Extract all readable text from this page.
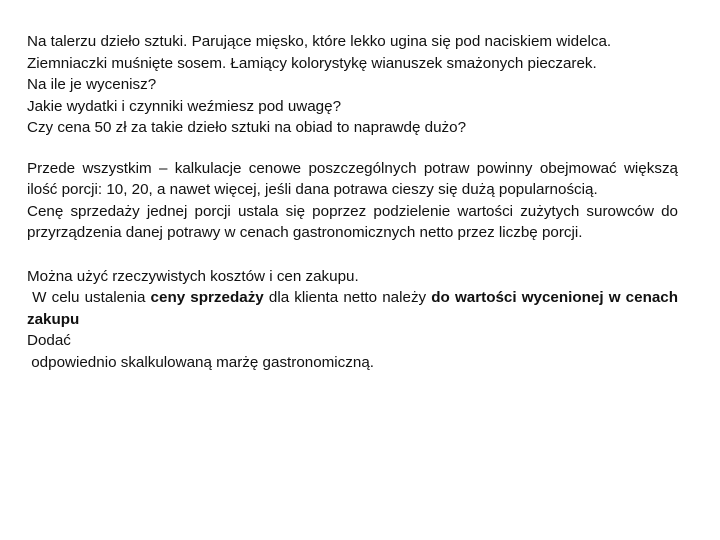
Na talerzu dzieło sztuki. Parujące mięsko, które lekko ugina się pod naciskiem widelca.

Ziemniaczki muśnięte sosem. Łamiący kolorystykę wianuszek smażonych pieczarek.

Na ile je wycenisz?

Jakie wydatki i czynniki weźmiesz pod uwagę?

Czy cena 50 zł za takie dzieło sztuki na obiad to naprawdę dużo?

Przede wszystkim – kalkulacje cenowe poszczególnych potraw powinny obejmować większą ilość porcji: 10, 20, a nawet więcej, jeśli dana potrawa cieszy się dużą popularnością.

Cenę sprzedaży jednej porcji ustala się poprzez podzielenie wartości zużytych surowców do przyrządzenia danej potrawy w cenach gastronomicznych netto przez liczbę porcji.

Można użyć rzeczywistych kosztów i cen zakupu.

W celu ustalenia ceny sprzedaży dla klienta netto należy do wartości wycenionej w cenach zakupu

Dodać

odpowiednio skalkulowaną marżę gastronomiczną.
